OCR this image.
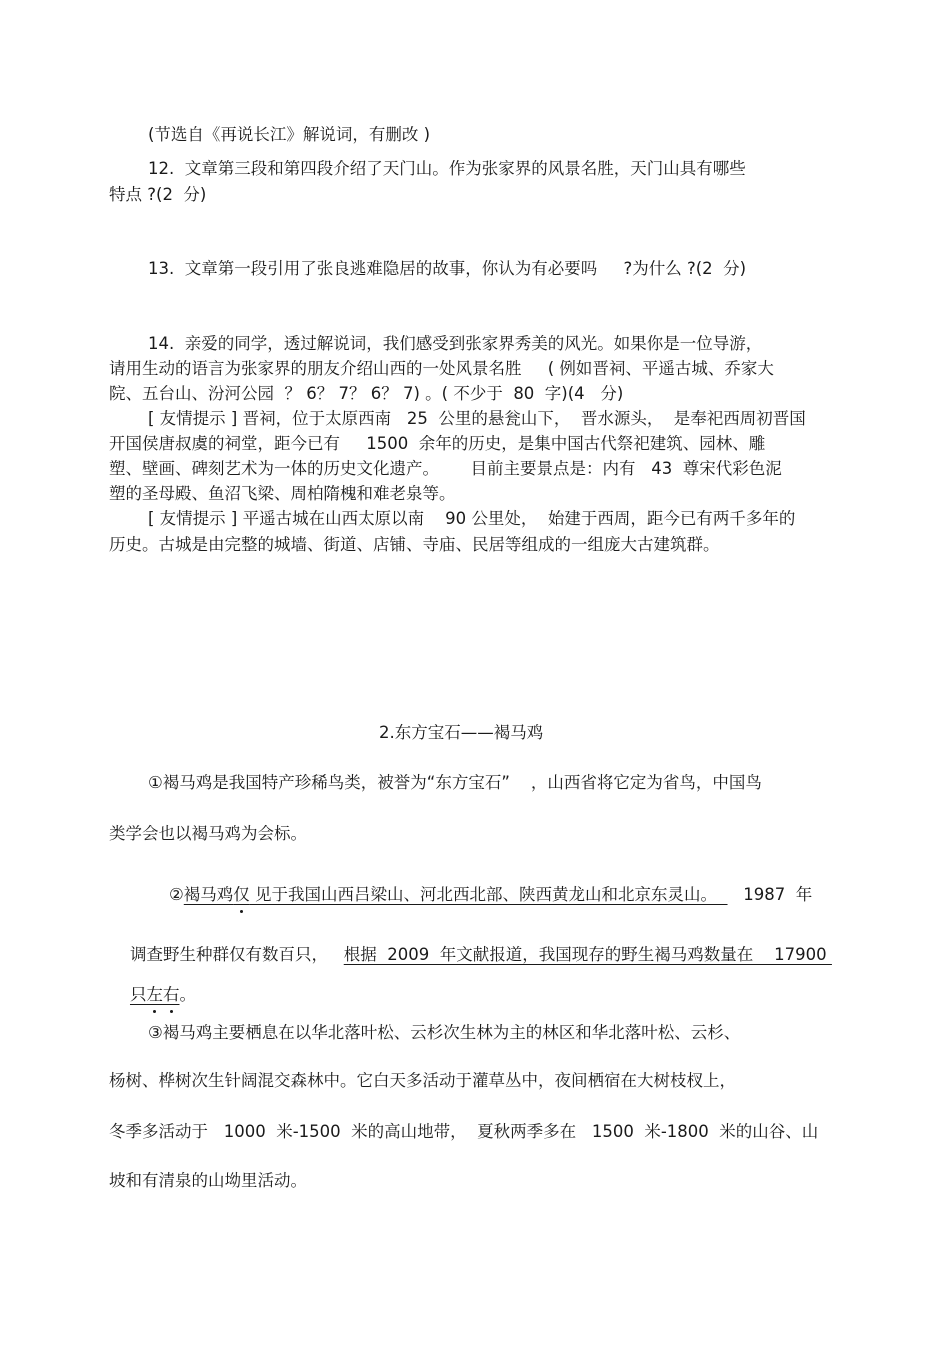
(节选自《再说长江》解说词，有删改 )
12.  文章第三段和第四段介绍了天门山。作为张家界的风景名胜，天门山具有哪些
特点 ?(2  分)
13.  文章第一段引用了张良逃难隐居的故事，你认为有必要吗     ?为什么 ?(2  分)
14.  亲爱的同学，透过解说词，我们感受到张家界秀美的风光。如果你是一位导游，
请用生动的语言为张家界的朋友介绍山西的一处风景名胜     ( 例如晋祠、平遥古城、乔家大
院、五台山、汾河公园  ？ 6？ 7？ 6？ 7) 。( 不少于  80  字)(4   分)
[ 友情提示 ] 晋祠，位于太原西南   25  公里的悬瓮山下，  晋水源头，  是奉祀西周初晋国
开国侯唐叔虞的祠堂，距今已有     1500  余年的历史，是集中国古代祭祀建筑、园林、雕
塑、壁画、碑刻艺术为一体的历史文化遗产。      目前主要景点是：内有   43  尊宋代彩色泥
塑的圣母殿、鱼沼飞梁、周柏隋槐和难老泉等。
[ 友情提示 ] 平遥古城在山西太原以南    90 公里处，  始建于西周，距今已有两千多年的
历史。古城是由完整的城墙、街道、店铺、寺庙、民居等组成的一组庞大古建筑群。
2.东方宝石——褐马鸡
①褐马鸡是我国特产珍稀鸟类，被誉为“东方宝石”    ，山西省将它定为省鸟，中国鸟
类学会也以褐马鸡为会标。

②褐马鸡仅 见于我国山西吕梁山、河北西北部、陕西黄龙山和北京东灵山。     1987  年

调查野生种群仅有数百只，   根据  2009  年文献报道，我国现存的野生褐马鸡数量在    17900

只左右。

③褐马鸡主要栖息在以华北落叶松、云杉次生林为主的林区和华北落叶松、云杉、
杨树、桦树次生针阔混交森林中。它白天多活动于灌草丛中，夜间栖宿在大树枝杈上，
冬季多活动于   1000  米-1500  米的高山地带，  夏秋两季多在   1500  米-1800  米的山谷、山
坡和有清泉的山坳里活动。
